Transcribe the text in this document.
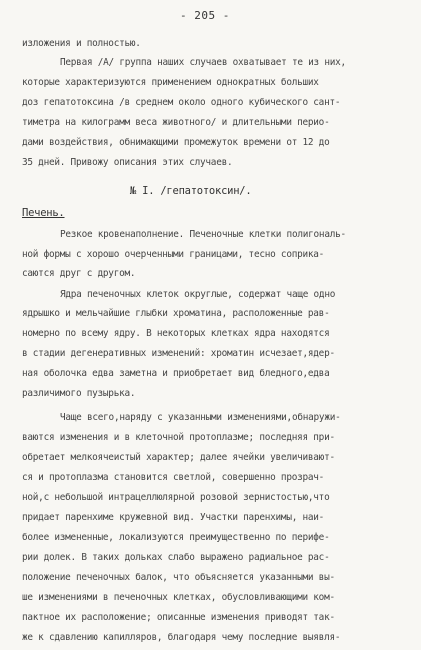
- 205 -
изложения и полностью.
Первая /А/ группа наших случаев охватывает те из них,
которые характеризуются применением однократных больших
доз гепатотоксина /в среднем около одного кубического сант-
тиметра на килограмм веса животного/ и длительными перио-
дами воздействия, обнимающими промежуток времени от 12 до
35 дней. Привожу описания этих случаев.
№ I. /гепатотоксин/.
Печень.
Резкое кровенаполнение. Печеночные клетки полигональ-
ной формы с хорошо очерченными границами, тесно соприка-
саются друг с другом.
Ядра печеночных клеток округлые, содержат чаще одно
ядрышко и мельчайшие глыбки хроматина, расположенные рав-
номерно по всему ядру. В некоторых клетках ядра находятся
в стадии дегенеративных изменений: хроматин исчезает,ядер-
ная оболочка едва заметна и приобретает вид бледного,едва
различимого пузырька.
Чаще всего,наряду с указанными изменениями,обнаружи-
ваются изменения и в клеточной протоплазме; последняя при-
обретает мелкоячеистый характер; далее ячейки увеличивают-
ся и протоплазма становится светлой, совершенно прозрач-
ной,с небольшой интрацеллюлярной розовой зернистостью,что
придает паренхиме кружевной вид. Участки паренхимы, наи-
более измененные, локализуются преимущественно по перифе-
рии долек. В таких дольках слабо выражено радиальное рас-
положение печеночных балок, что объясняется указанными вы-
ше изменениями в печеночных клетках, обусловливающими ком-
пактное их расположение; описанные изменения приводят так-
же к сдавлению капилляров, благодаря чему последние выявля-
